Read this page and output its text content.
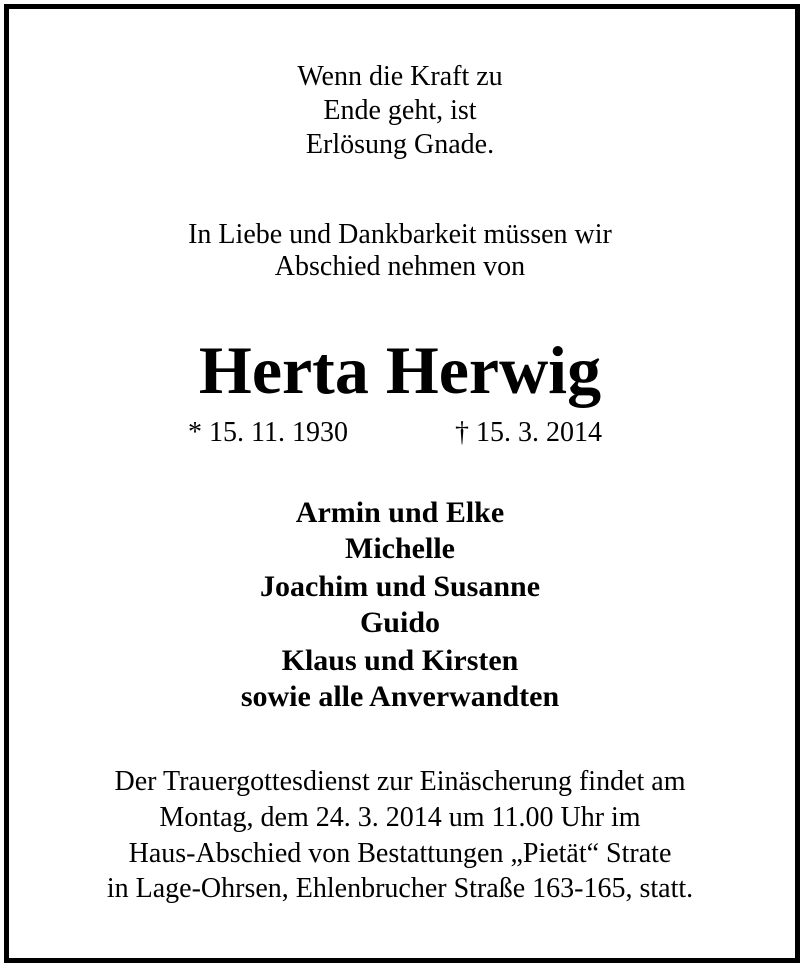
Wenn die Kraft zu
Ende geht, ist
Erlösung Gnade.
In Liebe und Dankbarkeit müssen wir
Abschied nehmen von
Herta Herwig
* 15. 11. 1930	† 15. 3. 2014
Armin und Elke
Michelle
Joachim und Susanne
Guido
Klaus und Kirsten
sowie alle Anverwandten
Der Trauergottesdienst zur Einäscherung findet am
Montag, dem 24. 3. 2014 um 11.00 Uhr im
Haus-Abschied von Bestattungen „Pietät“ Strate
in Lage-Ohrsen, Ehlenbrucher Straße 163-165, statt.
